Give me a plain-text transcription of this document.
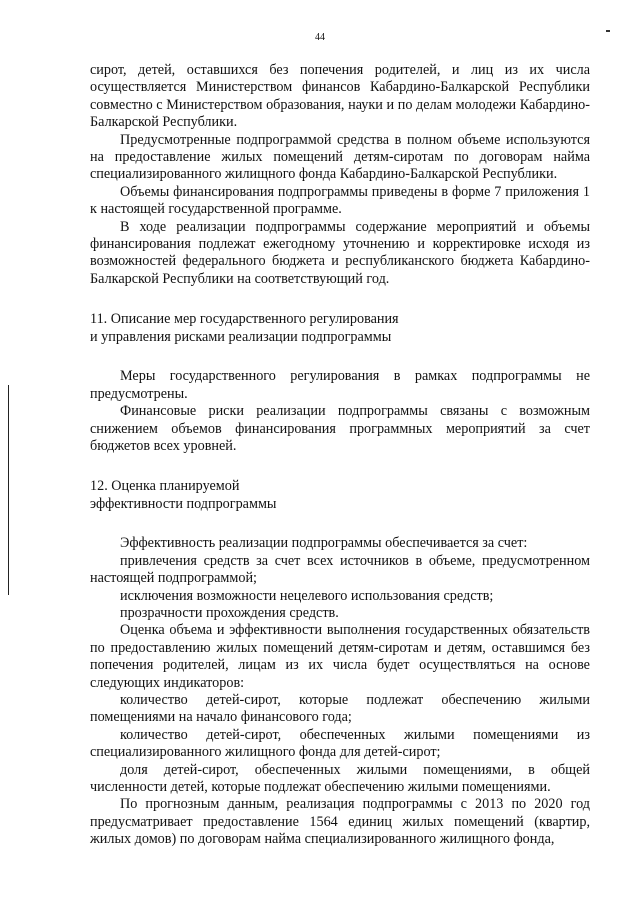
44

сирот, детей, оставшихся без попечения родителей, и лиц из их числа осуществляется Министерством финансов Кабардино-Балкарской Республики совместно с Министерством образования, науки и по делам молодежи Кабардино-Балкарской Республики.

Предусмотренные подпрограммой средства в полном объеме используются на предоставление жилых помещений детям-сиротам по договорам найма специализированного жилищного фонда Кабардино-Балкарской Республики.

Объемы финансирования подпрограммы приведены в форме 7 приложения 1 к настоящей государственной программе.

В ходе реализации подпрограммы содержание мероприятий и объемы финансирования подлежат ежегодному уточнению и корректировке исходя из возможностей федерального бюджета и республиканского бюджета Кабардино-Балкарской Республики на соответствующий год.

11. Описание мер государственного регулирования

и управления рисками реализации подпрограммы

Меры государственного регулирования в рамках подпрограммы не предусмотрены.

Финансовые риски реализации подпрограммы связаны с возможным снижением объемов финансирования программных мероприятий за счет бюджетов всех уровней.

12. Оценка планируемой

эффективности подпрограммы

Эффективность реализации подпрограммы обеспечивается за счет:

привлечения средств за счет всех источников в объеме, предусмотренном настоящей подпрограммой;

исключения возможности нецелевого использования средств;

прозрачности прохождения средств.

Оценка объема и эффективности выполнения государственных обязательств по предоставлению жилых помещений детям-сиротам и детям, оставшимся без попечения родителей, лицам из их числа будет осуществляться на основе следующих индикаторов:

количество детей-сирот, которые подлежат обеспечению жилыми помещениями на начало финансового года;

количество детей-сирот, обеспеченных жилыми помещениями из специализированного жилищного фонда для детей-сирот;

доля детей-сирот, обеспеченных жилыми помещениями, в общей численности детей, которые подлежат обеспечению жилыми помещениями.

По прогнозным данным, реализация подпрограммы с 2013 по 2020 год предусматривает предоставление 1564 единиц жилых помещений (квартир, жилых домов) по договорам найма специализированного жилищного фонда,
